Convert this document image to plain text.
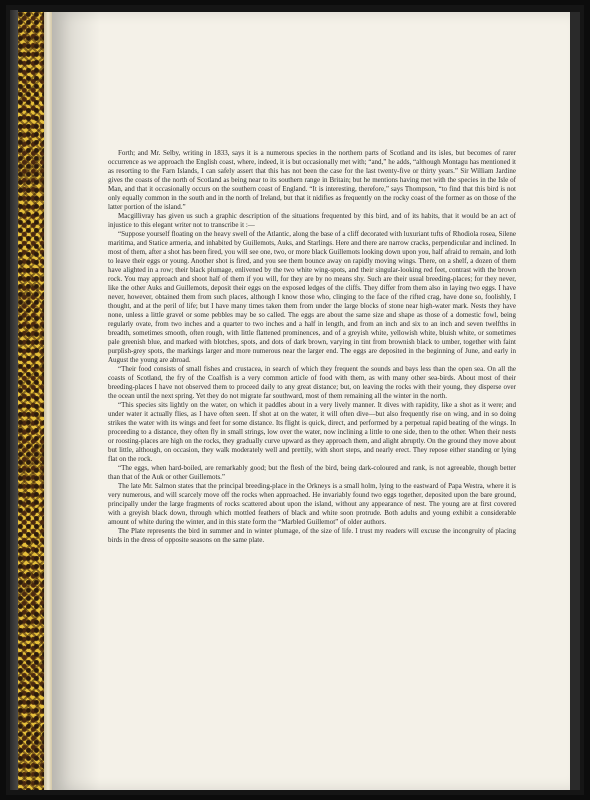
Forth; and Mr. Selby, writing in 1833, says it is a numerous species in the northern parts of Scotland and its isles, but becomes of rarer occurrence as we approach the English coast, where, indeed, it is but occasionally met with; “and,” he adds, “although Montagu has mentioned it as resorting to the Farn Islands, I can safely assert that this has not been the case for the last twenty-five or thirty years.” Sir William Jardine gives the coasts of the north of Scotland as being near to its southern range in Britain; but he mentions having met with the species in the Isle of Man, and that it occasionally occurs on the southern coast of England. “It is interesting, therefore,” says Thompson, “to find that this bird is not only equally common in the south and in the north of Ireland, but that it nidifies as frequently on the rocky coast of the former as on those of the latter portion of the island.”

Macgillivray has given us such a graphic description of the situations frequented by this bird, and of its habits, that it would be an act of injustice to this elegant writer not to transcribe it :—

“Suppose yourself floating on the heavy swell of the Atlantic, along the base of a cliff decorated with luxuriant tufts of Rhodiola rosea, Silene maritima, and Statice armeria, and inhabited by Guillemots, Auks, and Starlings. Here and there are narrow cracks, perpendicular and inclined. In most of them, after a shot has been fired, you will see one, two, or more black Guillemots looking down upon you, half afraid to remain, and loth to leave their eggs or young. Another shot is fired, and you see them bounce away on rapidly moving wings. There, on a shelf, a dozen of them have alighted in a row; their black plumage, enlivened by the two white wing-spots, and their singular-looking red feet, contrast with the brown rock. You may approach and shoot half of them if you will, for they are by no means shy. Such are their usual breeding-places; for they never, like the other Auks and Guillemots, deposit their eggs on the exposed ledges of the cliffs. They differ from them also in laying two eggs. I have never, however, obtained them from such places, although I know those who, clinging to the face of the rifted crag, have done so, foolishly, I thought, and at the peril of life; but I have many times taken them from under the large blocks of stone near high-water mark. Nests they have none, unless a little gravel or some pebbles may be so called. The eggs are about the same size and shape as those of a domestic fowl, being regularly ovate, from two inches and a quarter to two inches and a half in length, and from an inch and six to an inch and seven twelfths in breadth, sometimes smooth, often rough, with little flattened prominences, and of a greyish white, yellowish white, bluish white, or sometimes pale greenish blue, and marked with blotches, spots, and dots of dark brown, varying in tint from brownish black to umber, together with faint purplish-grey spots, the markings larger and more numerous near the larger end. The eggs are deposited in the beginning of June, and early in August the young are abroad.

“Their food consists of small fishes and crustacea, in search of which they frequent the sounds and bays less than the open sea. On all the coasts of Scotland, the fry of the Coalfish is a very common article of food with them, as with many other sea-birds. About most of their breeding-places I have not observed them to proceed daily to any great distance; but, on leaving the rocks with their young, they disperse over the ocean until the next spring. Yet they do not migrate far southward, most of them remaining all the winter in the north.

“This species sits lightly on the water, on which it paddles about in a very lively manner. It dives with rapidity, like a shot as it were; and under water it actually flies, as I have often seen. If shot at on the water, it will often dive—but also frequently rise on wing, and in so doing strikes the water with its wings and feet for some distance. Its flight is quick, direct, and performed by a perpetual rapid beating of the wings. In proceeding to a distance, they often fly in small strings, low over the water, now inclining a little to one side, then to the other. When their nests or roosting-places are high on the rocks, they gradually curve upward as they approach them, and alight abruptly. On the ground they move about but little, although, on occasion, they walk moderately well and prettily, with short steps, and nearly erect. They repose either standing or lying flat on the rock.

“The eggs, when hard-boiled, are remarkably good; but the flesh of the bird, being dark-coloured and rank, is not agreeable, though better than that of the Auk or other Guillemots.”

The late Mr. Salmon states that the principal breeding-place in the Orkneys is a small holm, lying to the eastward of Papa Westra, where it is very numerous, and will scarcely move off the rocks when approached. He invariably found two eggs together, deposited upon the bare ground, principally under the large fragments of rocks scattered about upon the island, without any appearance of nest. The young are at first covered with a greyish black down, through which mottled feathers of black and white soon protrude. Both adults and young exhibit a considerable amount of white during the winter, and in this state form the “Marbled Guillemot” of older authors.

The Plate represents the bird in summer and in winter plumage, of the size of life. I trust my readers will excuse the incongruity of placing birds in the dress of opposite seasons on the same plate.
